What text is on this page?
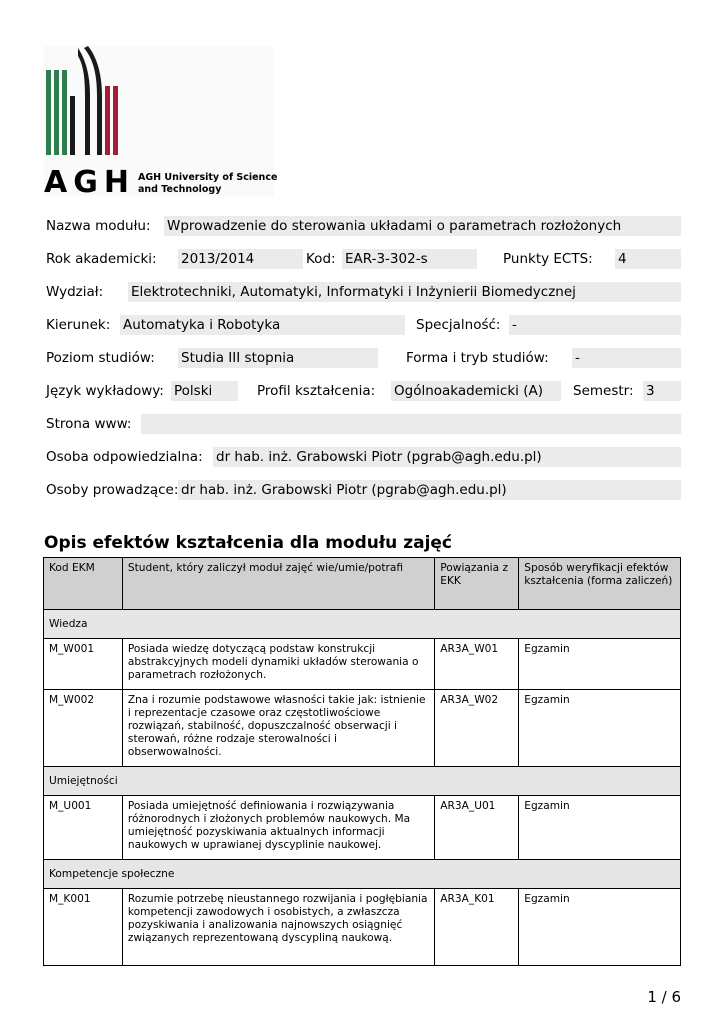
AGH AGH University of Science
and Technology
Nazwa modułu: Wprowadzenie do sterowania układami o parametrach rozłożonych
Rok akademicki: 2013/2014	Kod: EAR-3-302-s	Punkty ECTS: 4
Wydział: Elektrotechniki, Automatyki, Informatyki i Inżynierii Biomedycznej
Kierunek: Automatyka i Robotyka	Specjalność: -
Poziom studiów: Studia III stopnia	Forma i tryb studiów: -
Język wykładowy: Polski	Profil kształcenia: Ogólnoakademicki (A)	Semestr: 3
Strona www:
Osoba odpowiedzialna: dr hab. inż. Grabowski Piotr (pgrab@agh.edu.pl)
Osoby prowadzące: dr hab. inż. Grabowski Piotr (pgrab@agh.edu.pl)
Opis efektów kształcenia dla modułu zajęć
Kod EKM	Student, który zaliczył moduł zajęć wie/umie/potrafi	Powiązania z EKK	Sposób weryfikacji efektów kształcenia (forma zaliczeń)
Wiedza			
M_W001	Posiada wiedzę dotyczącą podstaw konstrukcji abstrakcyjnych modeli dynamiki układów sterowania o parametrach rozłożonych.	AR3A_W01	Egzamin
M_W002	Zna i rozumie podstawowe własności takie jak: istnienie i reprezentacje czasowe oraz częstotliwościowe rozwiązań, stabilność, dopuszczalność obserwacji i sterowań, różne rodzaje sterowalności i obserwowalności.	AR3A_W02	Egzamin
Umiejętności			
M_U001	Posiada umiejętność definiowania i rozwiązywania różnorodnych i złożonych problemów naukowych. Ma umiejętność pozyskiwania aktualnych informacji naukowych w uprawianej dyscyplinie naukowej.	AR3A_U01	Egzamin
Kompetencje społeczne			
M_K001	Rozumie potrzebę nieustannego rozwijania i pogłębiania kompetencji zawodowych i osobistych, a zwłaszcza pozyskiwania i analizowania najnowszych osiągnięć związanych reprezentowaną dyscypliną naukową.	AR3A_K01	Egzamin
1 / 6
